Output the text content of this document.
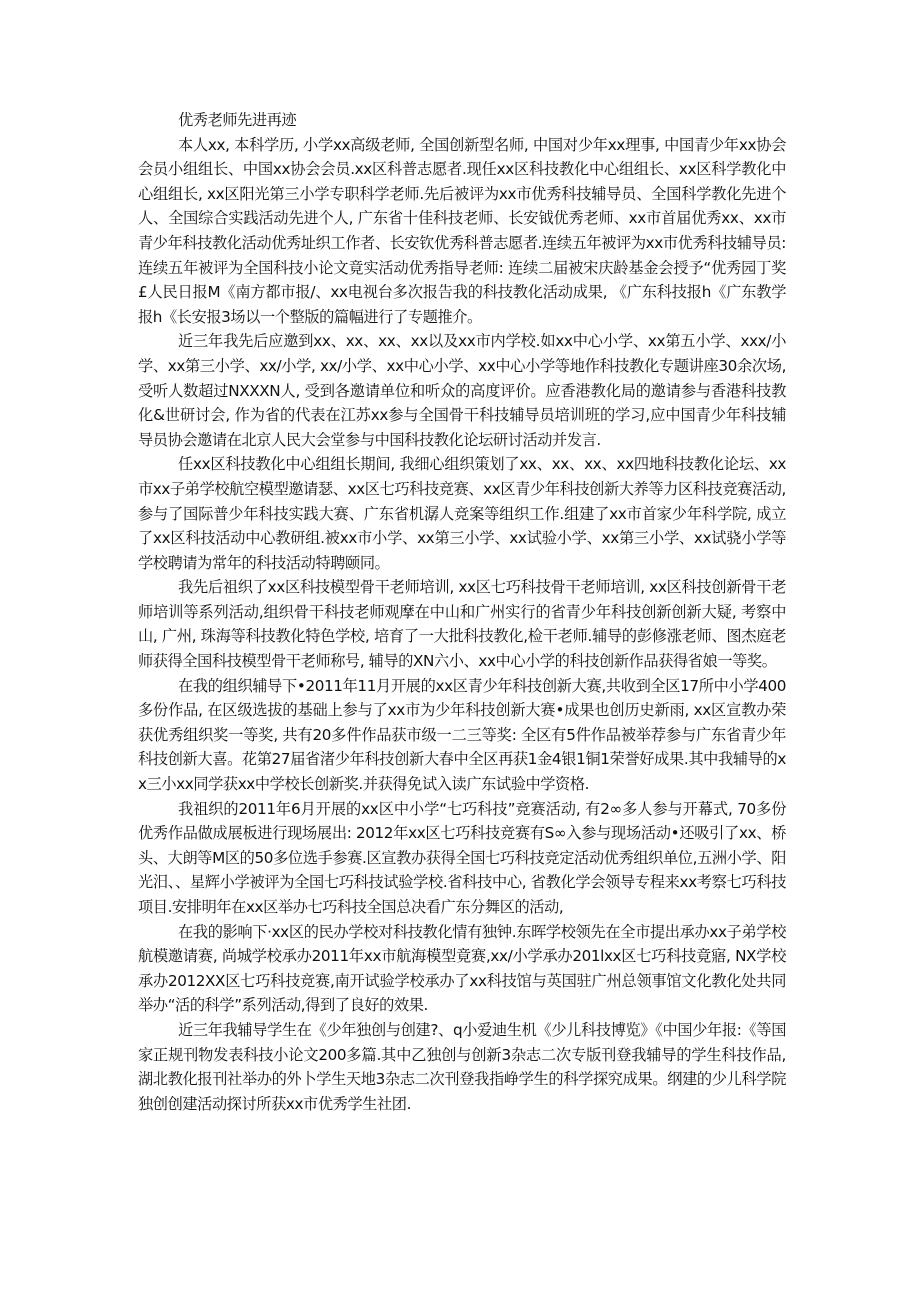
优秀老师先进再迹

本人xx, 本科学历, 小学xx高级老师, 全国创新型名师, 中国对少年xx理事, 中国青少年xx协会会员小组组长、中国xx协会会员.xx区科普志愿者.现任xx区科技教化中心组组长、xx区科学教化中心组组长, xx区阳光第三小学专职科学老师.先后被评为xx市优秀科技辅导员、全国科学教化先进个人、全国综合实践活动先进个人, 广东省十佳科技老师、长安钺优秀老师、xx市首届优秀xx、xx市青少年科技教化活动优秀址织工作者、长安钦优秀科普志愿者.连续五年被评为xx巿优秀科技辅导员: 连续五年被评为全国科技小论文竟实活动优秀指导老师: 连续二届被宋庆龄基金会授予“优秀园丁奖£人民日报M《南方都市报/、xx电视台多次报告我的科技教化活动成果, 《广东科技报h《广东教学报h《长安报3场以一个整版的篇幅进行了专题推介。

近三年我先后应邀到xx、xx、xx、xx以及xx市内学校.如xx中心小学、xx第五小学、xxx/小学、xx第三小学、xx/小学, xx/小学、xx中心小学、xx中心小学等地作科技教化专题讲座30余次场, 受听人数超过NXXXN人, 受到各邀请单位和听众的高度评价。应香港教化局的邀请参与香港科技教化&世研讨会, 作为省的代表在江苏xx参与全国骨干科技辅导员培训班的学习,应中国青少年科技辅导员协会邀请在北京人民大会堂参与中国科技教化论坛研讨活动并发言.

任xx区科技教化中心组组长期间, 我细心组织策划了xx、xx、xx、xx四地科技教化论坛、xx市xx子弟学校航空模型邀请瑟、xx区七巧科技竞赛、xx区青少年科技创新大养等力区科技竞赛活动,参与了国际普少年科技实践大赛、广东省机潺人竞案等组织工作.组建了xx市首家少年科学院, 成立了xx区科技活动中心教研组.被xx市小学、xx第三小学、xx试验小学、xx第三小学、xx试骁小学等学校聘请为常年的科技活动特聘颐同。

我先后祖织了xx区科技模型骨干老师培训, xx区七巧科技骨干老师培训, xx区科技创新骨干老师培训等系列活动,组织骨干科技老师观摩在中山和广州实行的省青少年科技创新创新大疑, 考察中山, 广州, 珠海等科技教化特色学校, 培育了一大批科技教化,检干老师.辅导的彭修涨老师、图杰庭老师获得全国科技模型骨干老师称号, 辅导的XN六小、xx中心小学的科技创新作品获得省娘一等奖。

在我的组织辅导下•2011年11月开展的xx区青少年科技创新大赛,共收到全区17所中小学400多份作品, 在区级选拔的基础上参与了xx市为少年科技创新大赛•成果也创历史新雨, xx区宣教办荣获优秀组织奖一等奖, 共有20多件作品获市级一二三等奖: 全区有5件作品被举荐参与广东省青少年科技创新大喜。花第27届省渚少年科技创新大春中全区再获1金4银1铜1荣誉好成果.其中我辅导的xx三小xx同学获xx中学校长创新奖.并获得免试入读广东试验中学资格.

我祖织的2011年6月开展的xx区中小学“七巧科技”竞赛活动, 有2∞多人参与开幕式, 70多份优秀作品做成展板进行现场展出: 2012年xx区七巧科技竞赛有S∞入参与现场活动•还吸引了xx、桥头、大朗等M区的50多位选手参赛.区宣教办获得全国七巧科技竞定活动优秀组织单位,五洲小学、阳光汨、、星辉小学被评为全国七巧科技试验学校.省科技中心, 省教化学会领导专程来xx考察七巧科技项目.安排明年在xx区举办七巧科技全国总决看广东分舞区的活动,

在我的影响下·xx区的民办学校对科技教化情有独钟.东晖学校领先在全市提出承办xx子弟学校航模邀请赛, 尚城学校承办2011年xx市航海模型竟赛,xx/小学承办201lxx区七巧科技竟寤, NX学校承办2012XX区七巧科技竞赛,南开试验学校承办了xx科技馆与英国驻广州总领事馆文化教化处共同举办“活的科学”系列活动,得到了良好的效果.

近三年我辅导学生在《少年独创与创建?、q小爱迪生机《少儿科技博览》《中国少年报:《等国家正规刊物发表科技小论文200多篇.其中乙独创与创新3杂志二次专版刊登我辅导的学生科技作品,湖北教化报刊社举办的外卜学生天地3杂志二次刊登我指峥学生的科学探究成果。纲建的少儿科学院独创创建活动探讨所获xx市优秀学生社团.
